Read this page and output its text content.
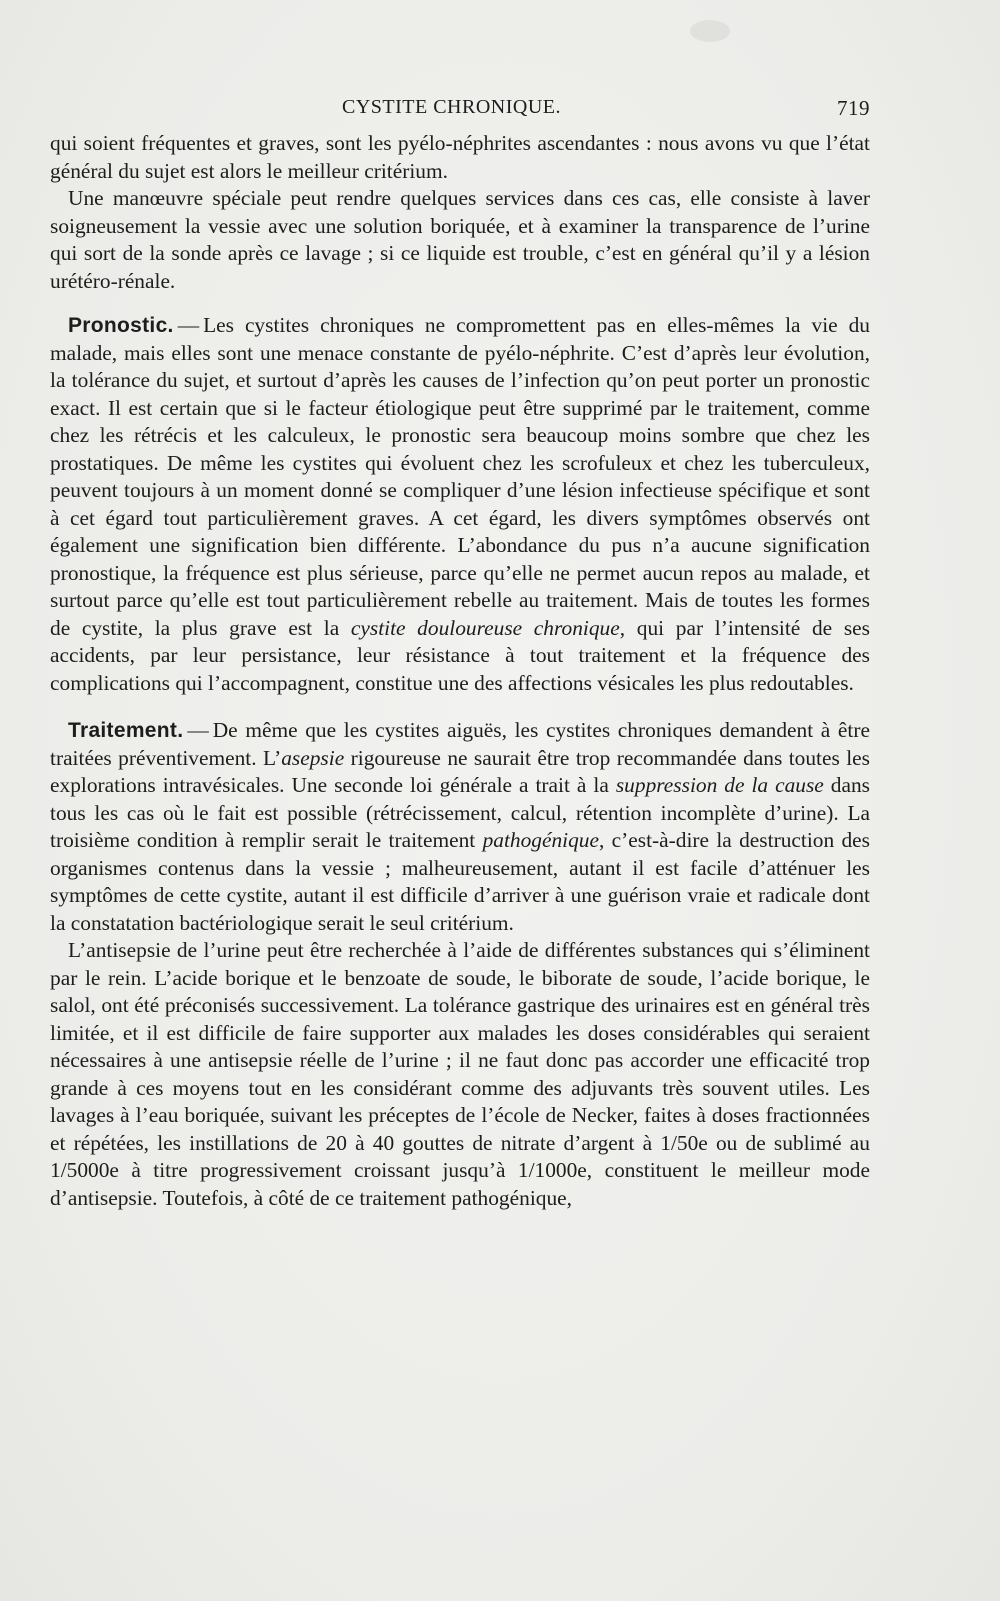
CYSTITE CHRONIQUE.	719

qui soient fréquentes et graves, sont les pyélo-néphrites ascendantes : nous avons vu que l’état général du sujet est alors le meilleur critérium.

Une manœuvre spéciale peut rendre quelques services dans ces cas, elle consiste à laver soigneusement la vessie avec une solution boriquée, et à examiner la transparence de l’urine qui sort de la sonde après ce lavage ; si ce liquide est trouble, c’est en général qu’il y a lésion urétéro-rénale.

Pronostic. — Les cystites chroniques ne compromettent pas en elles-mêmes la vie du malade, mais elles sont une menace constante de pyélo-néphrite. C’est d’après leur évolution, la tolérance du sujet, et surtout d’après les causes de l’infection qu’on peut porter un pronostic exact. Il est certain que si le facteur étiologique peut être supprimé par le traitement, comme chez les rétrécis et les calculeux, le pronostic sera beaucoup moins sombre que chez les prostatiques. De même les cystites qui évoluent chez les scrofuleux et chez les tuberculeux, peuvent toujours à un moment donné se compliquer d’une lésion infectieuse spécifique et sont à cet égard tout particulièrement graves. A cet égard, les divers symptômes observés ont également une signification bien différente. L’abondance du pus n’a aucune signification pronostique, la fréquence est plus sérieuse, parce qu’elle ne permet aucun repos au malade, et surtout parce qu’elle est tout particulièrement rebelle au traitement. Mais de toutes les formes de cystite, la plus grave est la cystite douloureuse chronique, qui par l’intensité de ses accidents, par leur persistance, leur résistance à tout traitement et la fréquence des complications qui l’accompagnent, constitue une des affections vésicales les plus redoutables.

Traitement. — De même que les cystites aiguës, les cystites chroniques demandent à être traitées préventivement. L’asepsie rigoureuse ne saurait être trop recommandée dans toutes les explorations intravésicales. Une seconde loi générale a trait à la suppression de la cause dans tous les cas où le fait est possible (rétrécissement, calcul, rétention incomplète d’urine). La troisième condition à remplir serait le traitement pathogénique, c’est-à-dire la destruction des organismes contenus dans la vessie ; malheureusement, autant il est facile d’atténuer les symptômes de cette cystite, autant il est difficile d’arriver à une guérison vraie et radicale dont la constatation bactériologique serait le seul critérium.

L’antisepsie de l’urine peut être recherchée à l’aide de différentes substances qui s’éliminent par le rein. L’acide borique et le benzoate de soude, le biborate de soude, l’acide borique, le salol, ont été préconisés successivement. La tolérance gastrique des urinaires est en général très limitée, et il est difficile de faire supporter aux malades les doses considérables qui seraient nécessaires à une antisepsie réelle de l’urine ; il ne faut donc pas accorder une efficacité trop grande à ces moyens tout en les considérant comme des adjuvants très souvent utiles. Les lavages à l’eau boriquée, suivant les préceptes de l’école de Necker, faites à doses fractionnées et répétées, les instillations de 20 à 40 gouttes de nitrate d’argent à 1/50e ou de sublimé au 1/5000e à titre progressivement croissant jusqu’à 1/1000e, constituent le meilleur mode d’antisepsie. Toutefois, à côté de ce traitement pathogénique,
